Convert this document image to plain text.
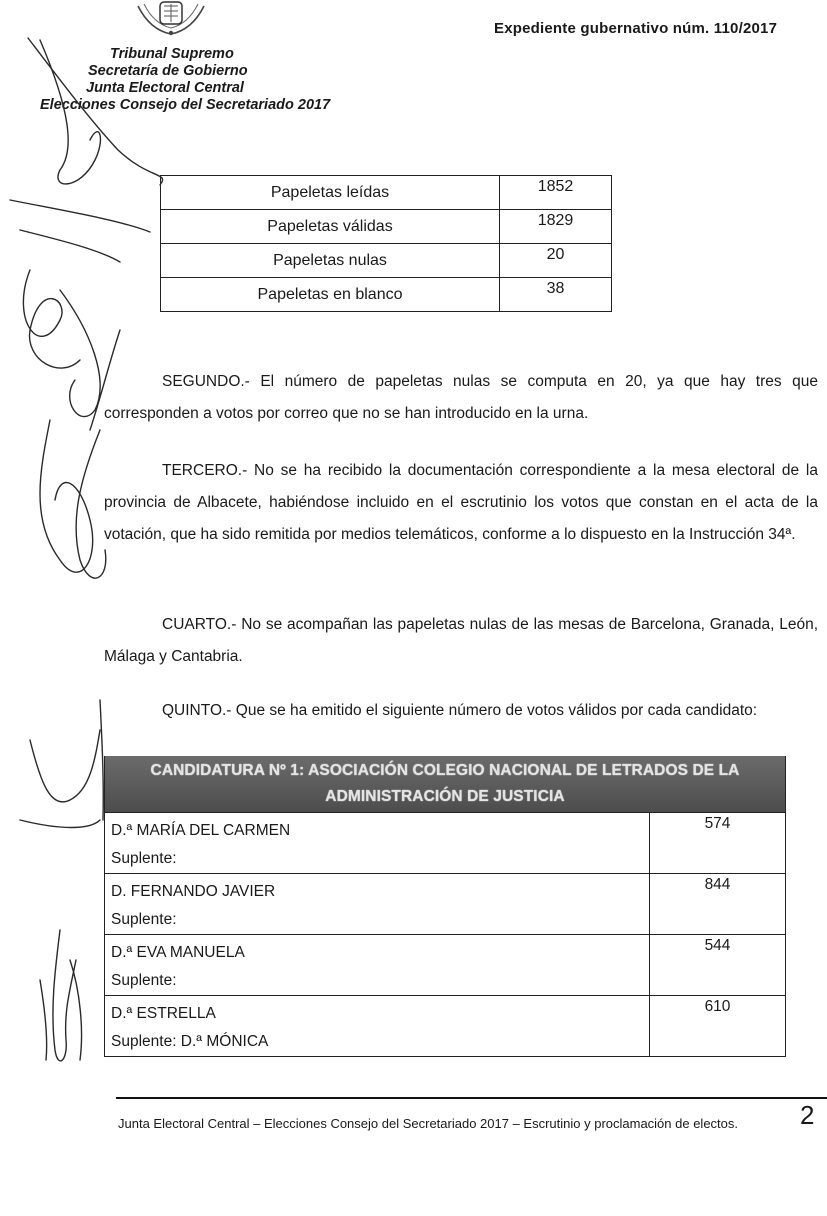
Expediente gubernativo núm. 110/2017
Tribunal Supremo
Secretaría de Gobierno
Junta Electoral Central
Elecciones Consejo del Secretariado 2017
Papeletas leídas	1852
Papeletas válidas	1829
Papeletas nulas	20
Papeletas en blanco	38
SEGUNDO.- El número de papeletas nulas se computa en 20, ya que hay tres que corresponden a votos por correo que no se han introducido en la urna.
TERCERO.- No se ha recibido la documentación correspondiente a la mesa electoral de la provincia de Albacete, habiéndose incluido en el escrutinio los votos que constan en el acta de la votación, que ha sido remitida por medios telemáticos, conforme a lo dispuesto en la Instrucción 34ª.
CUARTO.- No se acompañan las papeletas nulas de las mesas de Barcelona, Granada, León, Málaga y Cantabria.
QUINTO.- Que se ha emitido el siguiente número de votos válidos por cada candidato:
CANDIDATURA Nº 1: ASOCIACIÓN COLEGIO NACIONAL DE LETRADOS DE LA ADMINISTRACIÓN DE JUSTICIA
D.ª MARÍA DEL CARMEN
Suplente:	574

D. FERNANDO JAVIER
Suplente:	844

D.ª EVA MANUELA
Suplente:	544

D.ª ESTRELLA
Suplente: D.ª MÓNICA	610
Junta Electoral Central – Elecciones Consejo del Secretariado 2017 – Escrutinio y proclamación de electos. 2
